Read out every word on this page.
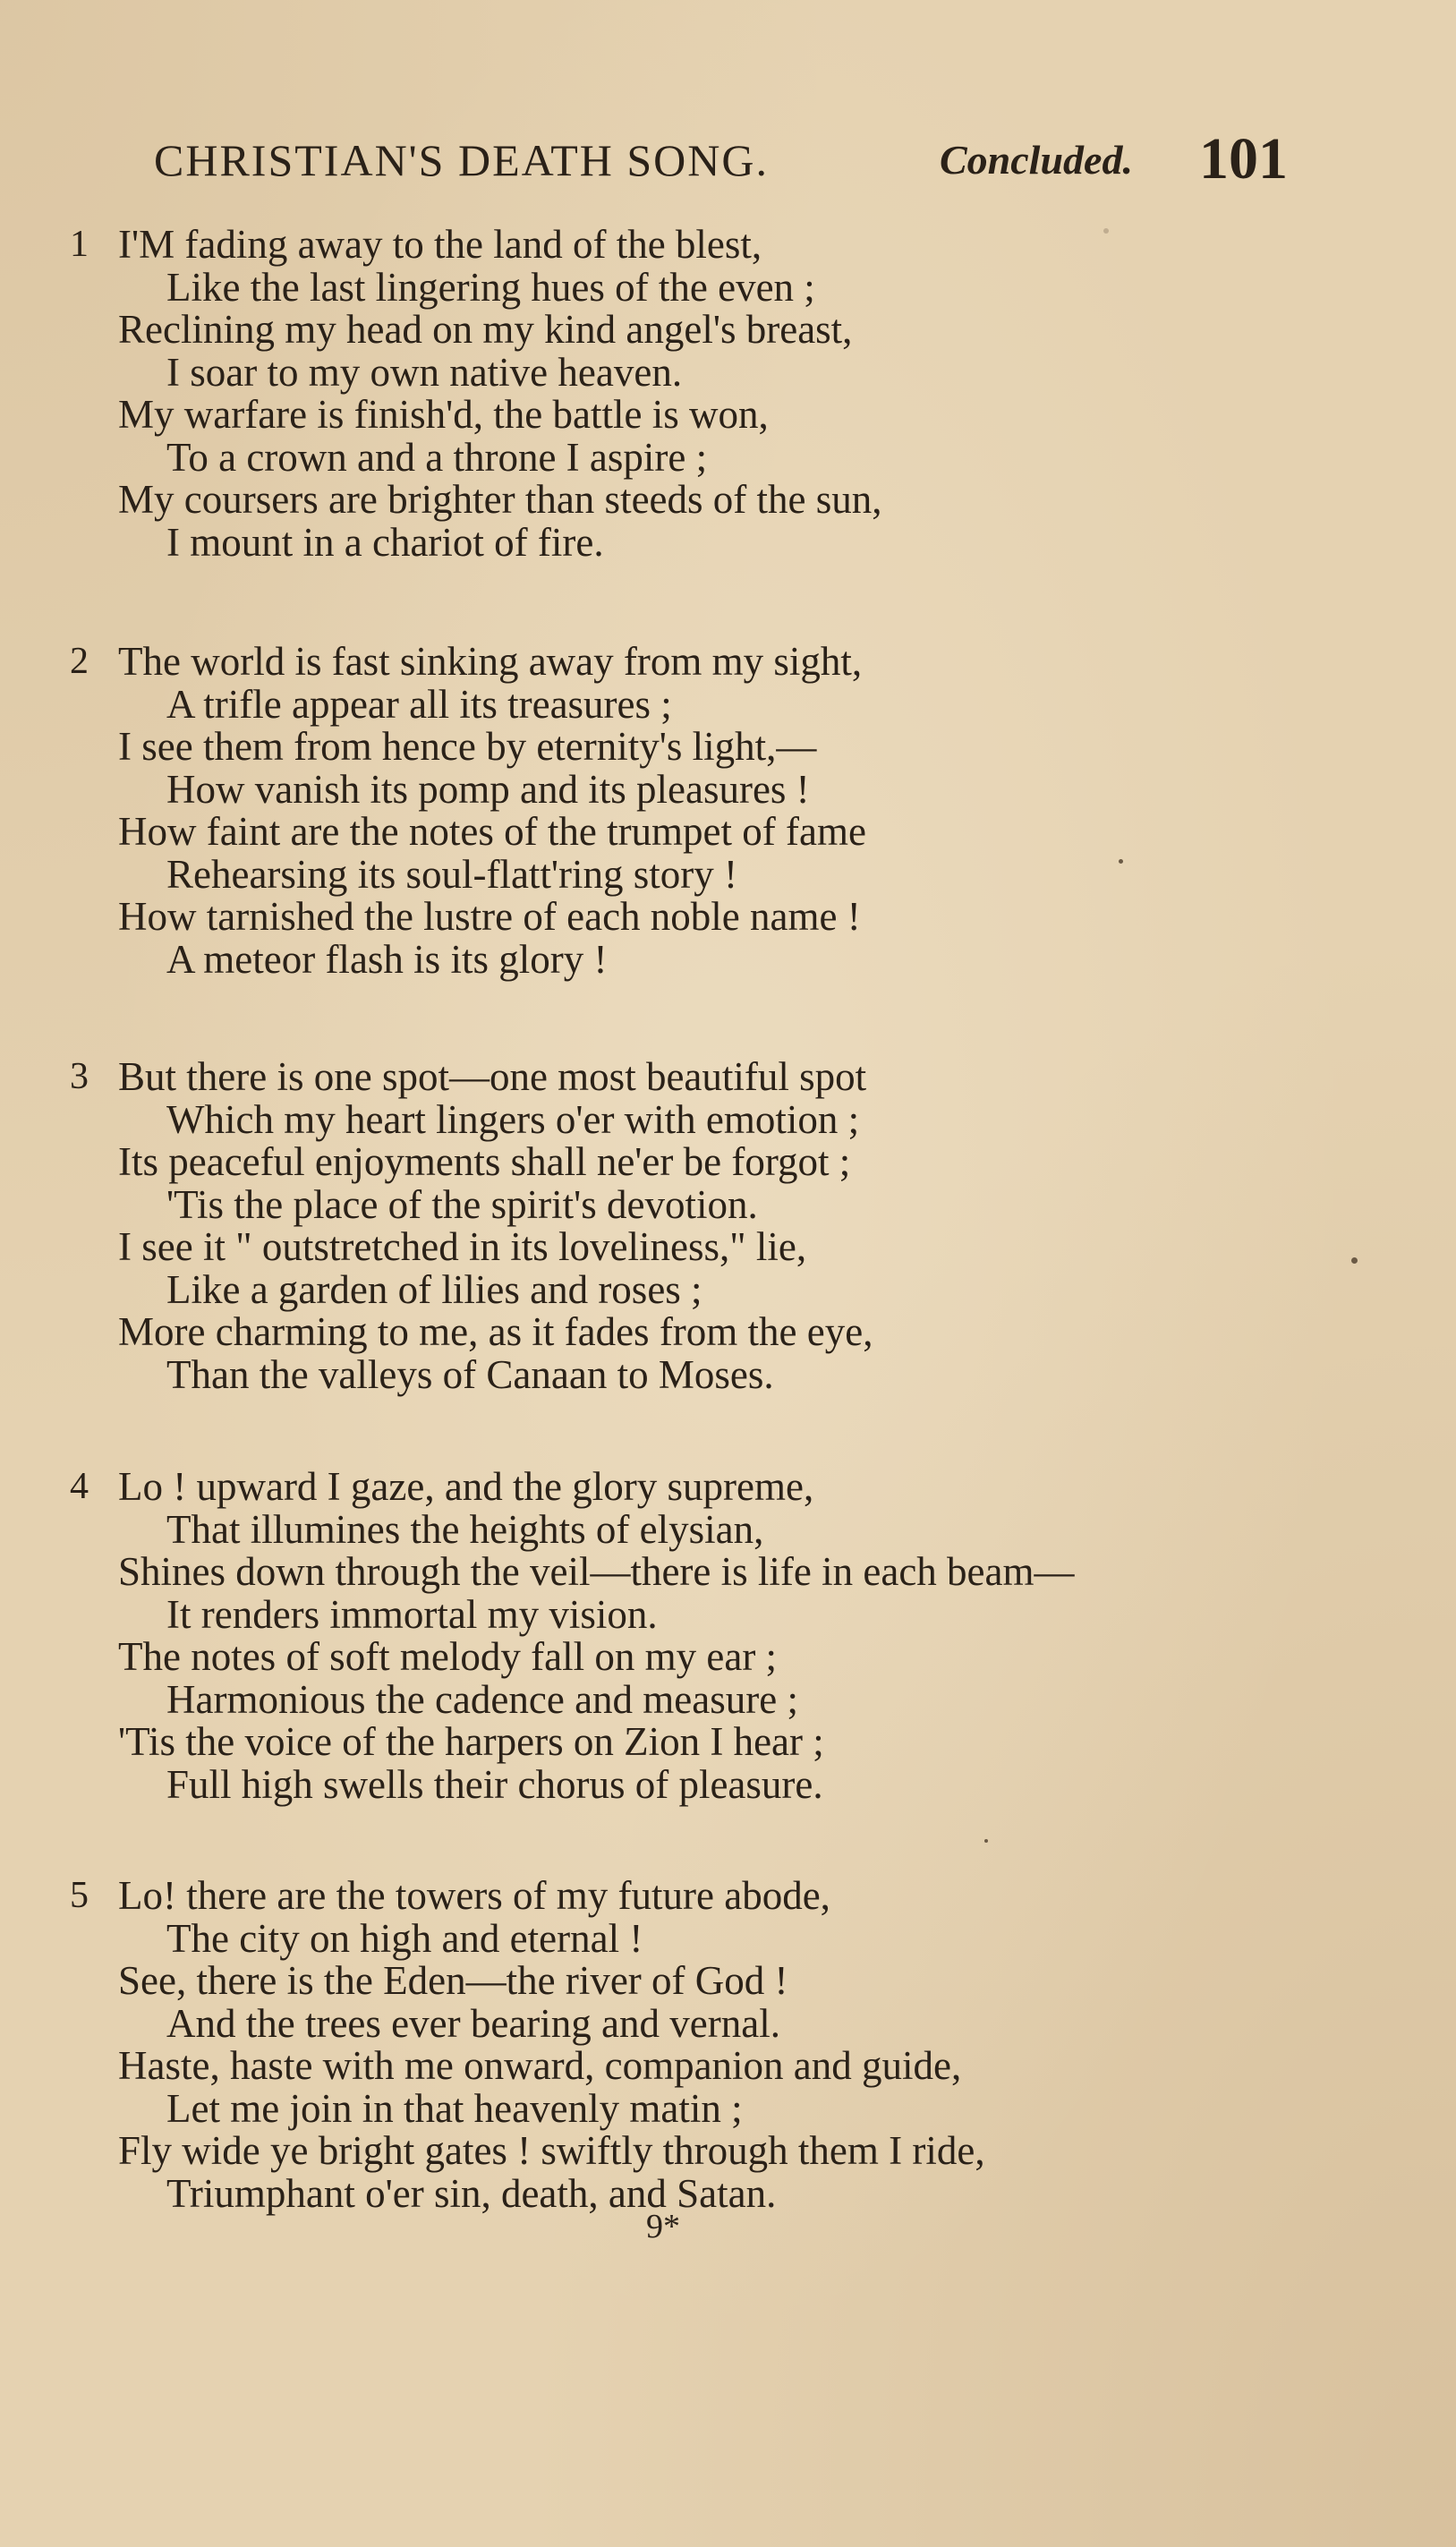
CHRISTIAN'S DEATH SONG.	Concluded. 101
1 I'M fading away to the land of the blest,
Like the last lingering hues of the even ;
Reclining my head on my kind angel's breast,
I soar to my own native heaven.
My warfare is finish'd, the battle is won,
To a crown and a throne I aspire ;
My coursers are brighter than steeds of the sun,
I mount in a chariot of fire.
2 The world is fast sinking away from my sight,
A trifle appear all its treasures ;
I see them from hence by eternity's light,—
How vanish its pomp and its pleasures !
How faint are the notes of the trumpet of fame
Rehearsing its soul-flatt'ring story !
How tarnished the lustre of each noble name !
A meteor flash is its glory !
3 But there is one spot—one most beautiful spot
Which my heart lingers o'er with emotion ;
Its peaceful enjoyments shall ne'er be forgot ;
'Tis the place of the spirit's devotion.
I see it " outstretched in its loveliness," lie,
Like a garden of lilies and roses ;
More charming to me, as it fades from the eye,
Than the valleys of Canaan to Moses.
4 Lo ! upward I gaze, and the glory supreme,
That illumines the heights of elysian,
Shines down through the veil—there is life in each beam—
It renders immortal my vision.
The notes of soft melody fall on my ear ;
Harmonious the cadence and measure ;
'Tis the voice of the harpers on Zion I hear ;
Full high swells their chorus of pleasure.
5 Lo! there are the towers of my future abode,
The city on high and eternal !
See, there is the Eden—the river of God !
And the trees ever bearing and vernal.
Haste, haste with me onward, companion and guide,
Let me join in that heavenly matin ;
Fly wide ye bright gates ! swiftly through them I ride,
Triumphant o'er sin, death, and Satan.
9*
